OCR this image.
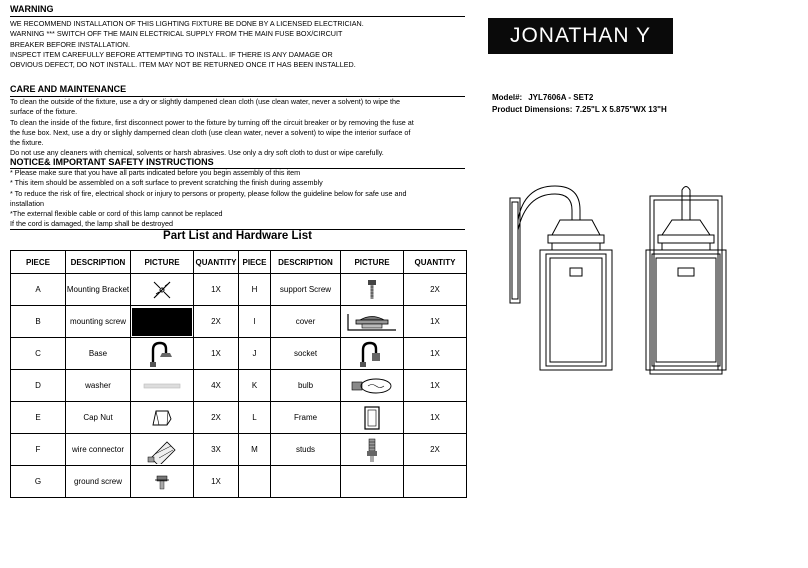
WARNING
WE RECOMMEND INSTALLATION OF THIS LIGHTING FIXTURE BE DONE BY A LICENSED ELECTRICIAN.
WARNING *** SWITCH OFF THE MAIN ELECTRICAL SUPPLY FROM THE MAIN FUSE BOX/CIRCUIT
BREAKER BEFORE INSTALLATION.
INSPECT ITEM CAREFULLY BEFORE ATTEMPTING TO INSTALL. IF THERE IS ANY DAMAGE OR
OBVIOUS DEFECT, DO NOT INSTALL. ITEM MAY NOT BE RETURNED ONCE IT HAS BEEN INSTALLED.
CARE AND MAINTENANCE
To clean the outside of the fixture, use a dry or slightly dampened clean cloth (use clean water, never a solvent) to wipe the
surface of the fixture.
To clean the inside of the fixture, first disconnect power to the fixture by turning off the circuit breaker or by removing the fuse at
the fuse box. Next, use a dry or slighly damperned clean cloth (use clean water, never a solvent) to wipe the interior surface of
the fixture.
Do not use any cleaners with chemical, solvents or harsh abrasives. Use only a dry soft cloth to dust or wipe carefully.
NOTICE& IMPORTANT SAFETY INSTRUCTIONS
* Please make sure that you have all parts indicated before you begin assembly of this item
* This item should be assembled on a soft surface to prevent scratching the finish during assembly
* To reduce the risk of fire, electrical shock or injury to persons or property, please follow the guideline below for safe use and
installation
*The external flexible cable or cord of this lamp cannot be replaced
If the cord is damaged, the lamp shall be destroyed
Part List and Hardware List
PIECE	DESCRIPTION	PICTURE	QUANTITY	PIECE	DESCRIPTION	PICTURE	QUANTITY
A	Mounting Bracket		1X	H	support Screw		2X
B	mounting screw		2X	I	cover		1X
C	Base		1X	J	socket		1X
D	washer		4X	K	bulb		1X
E	Cap Nut		2X	L	Frame		1X
F	wire connector		3X	M	studs		2X
G	ground screw		1X				
JONATHAN Y
Model#: JYL7606A - SET2
Product Dimensions: 7.25"L X 5.875"WX 13"H
